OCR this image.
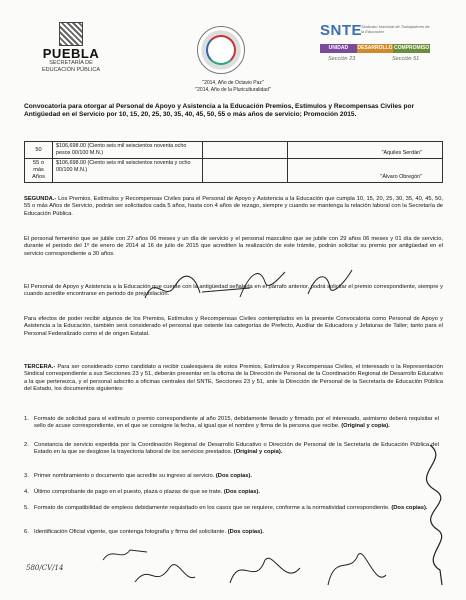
PUEBLA
SECRETARÍA DE
EDUCACIÓN PÚBLICA
SNTE
Sindicato Nacional de Trabajadores de la Educación
UNIDAD	DESARROLLO COMPROMISO
Sección 23	Sección 51
"2014, Año de Octavio Paz"
"2014, Año de la Pluriculturalidad"
Convocatoria para otorgar al Personal de Apoyo y Asistencia a la Educación Premios, Estímulos y Recompensas Civiles por Antigüedad en el Servicio por 10, 15, 20, 25, 30, 35, 40, 45, 50, 55 o más años de servicio; Promoción 2015.
50	$106,698.00 (Ciento seis mil seiscientos noventa ocho pesos 00/100 M.N.)		"Aquiles Serdán"
55 o más Años	$106,698.00 (Ciento seis mil seiscientos noventa y ocho 00/100 M.N.)		"Álvaro Obregón"
SEGUNDA.- Los Premios, Estímulos y Recompensas Civiles para el Personal de Apoyo y Asistencia a la Educación que cumpla 10, 15, 20, 25, 30, 35, 40, 45, 50, 55 o más Años de Servicio, podrán ser solicitados cada 5 años, hasta con 4 años de rezago, siempre y cuando se mantenga la relación laboral con la Secretaría de Educación Pública.
El personal femenino que se jubile con 27 años 06 meses y un día de servicio y el personal masculino que se jubile con 29 años 06 meses y 01 día de servicio, durante el periodo del 1º de enero de 2014 al 16 de julio de 2015 que acrediten la realización de este trámite, podrán solicitar su premio por antigüedad en el servicio correspondiente a 30 años.
El Personal de Apoyo y Asistencia a la Educación que cuente con la antigüedad señalada en el párrafo anterior, podrá solicitar el premio correspondiente, siempre y cuando acredite encontrarse en periodo de prejubilación.
Para efectos de poder recibir algunos de los Premios, Estímulos y Recompensas Civiles contemplados en la presente Convocatoria como Personal de Apoyo y Asistencia a la Educación, también será considerado el personal que ostente las categorías de Prefecto, Auxiliar de Educadora y Jefaturas de Taller; tanto para el Personal Federalizado como el de origen Estatal.
TERCERA.- Para ser considerado como candidato a recibir cualesquiera de estos Premios, Estímulos y Recompensas Civiles, el interesado o la Representación Sindical correspondiente a sus Secciones 23 y 51, deberán presentar en la oficina de la Dirección de Personal de la Coordinación Regional de Desarrollo Educativo a la que pertenezca, y el personal adscrito a oficinas centrales del SNTE, Secciones 23 y 51, ante la Dirección de Personal de la Secretaría de Educación Pública del Estado, los documentos siguientes:
1. Formato de solicitud para el estímulo o premio correspondiente al año 2015, debidamente llenado y firmado por el interesado, asimismo deberá requisitar el sello de acuse correspondiente, en el que se consigne la fecha, al igual que el nombre y firma de la persona que recibe. (Original y copia).
2. Constancia de servicio expedida por la Coordinación Regional de Desarrollo Educativo o Dirección de Personal de la Secretaría de Educación Pública del Estado en la que se desglose la trayectoria laboral de los servicios prestados. (Original y copia).
3. Primer nombramiento o documento que acredite su ingreso al servicio. (Dos copias).
4. Último comprobante de pago en el puesto, plaza o plazas de que se trate. (Dos copias).
5. Formato de compatibilidad de empleos debidamente requisitado en los casos que se requiere, conforme a la normatividad correspondiente. (Dos copias).
6. Identificación Oficial vigente, que contenga fotografía y firma del solicitante. (Dos copias).
580/CV/14
